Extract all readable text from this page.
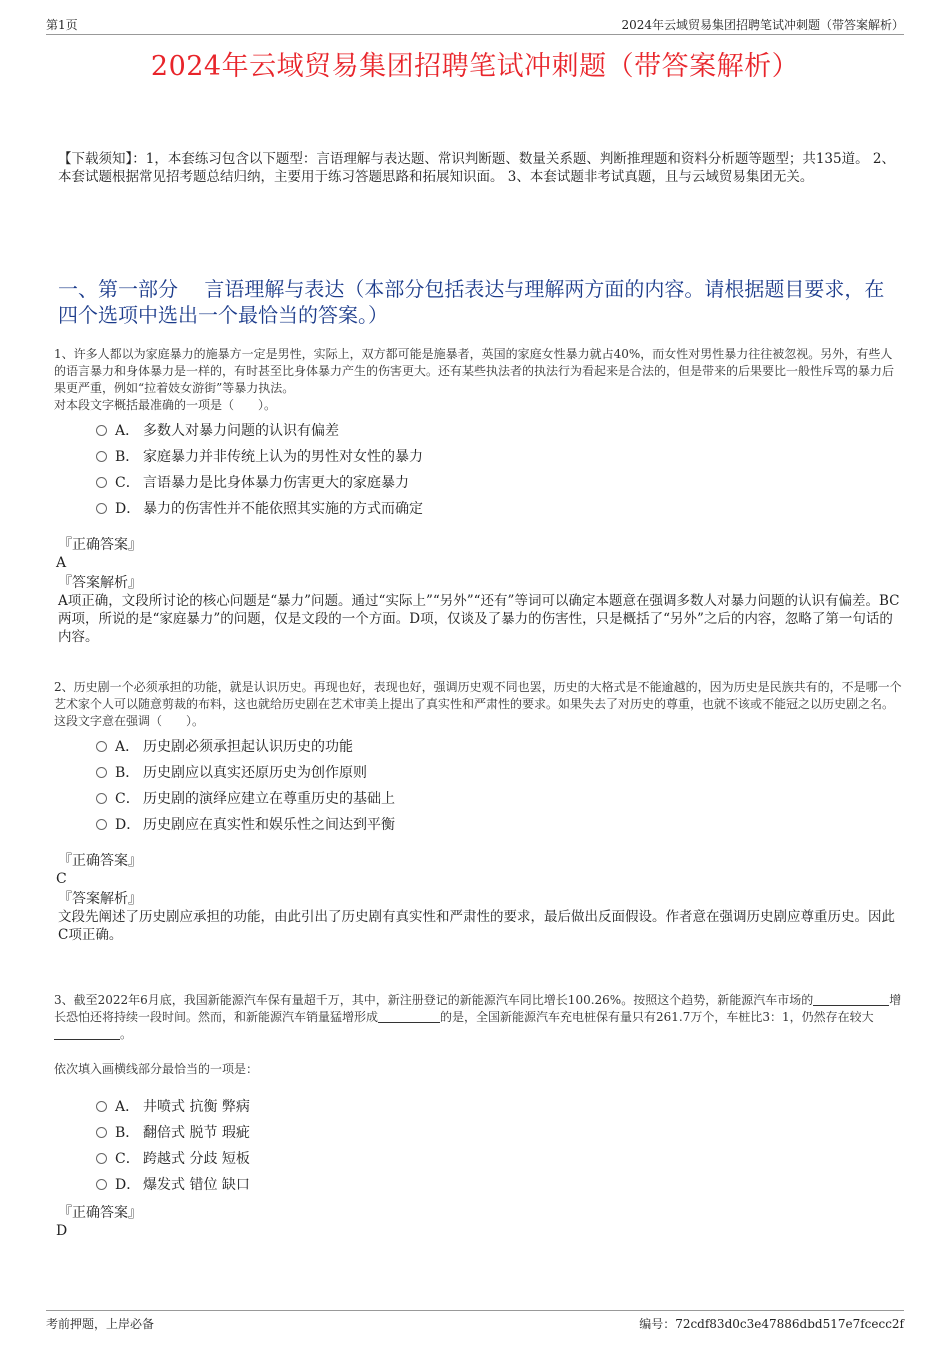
第1页	2024年云域贸易集团招聘笔试冲刺题（带答案解析）
2024年云域贸易集团招聘笔试冲刺题（带答案解析）
【下载须知】：1，本套练习包含以下题型：言语理解与表达题、常识判断题、数量关系题、判断推理题和资料分析题等题型；共135道。 2、本套试题根据常见招考题总结归纳，主要用于练习答题思路和拓展知识面。 3、本套试题非考试真题，且与云域贸易集团无关。
一、第一部分　 言语理解与表达（本部分包括表达与理解两方面的内容。请根据题目要求，在四个选项中选出一个最恰当的答案。）
1、许多人都以为家庭暴力的施暴方一定是男性，实际上，双方都可能是施暴者，英国的家庭女性暴力就占40%，而女性对男性暴力往往被忽视。另外，有些人的语言暴力和身体暴力是一样的，有时甚至比身体暴力产生的伤害更大。还有某些执法者的执法行为看起来是合法的，但是带来的后果要比一般性斥骂的暴力后果更严重，例如“拉着妓女游街”等暴力执法。
对本段文字概括最准确的一项是（　　）。
A． 多数人对暴力问题的认识有偏差
B． 家庭暴力并非传统上认为的男性对女性的暴力
C． 言语暴力是比身体暴力伤害更大的家庭暴力
D． 暴力的伤害性并不能依照其实施的方式而确定
『正确答案』
A
『答案解析』
A项正确，文段所讨论的核心问题是“暴力”问题。通过“实际上”“另外”“还有”等词可以确定本题意在强调多数人对暴力问题的认识有偏差。BC两项，所说的是“家庭暴力”的问题，仅是文段的一个方面。D项，仅谈及了暴力的伤害性，只是概括了“另外”之后的内容，忽略了第一句话的内容。
2、历史剧一个必须承担的功能，就是认识历史。再现也好，表现也好，强调历史观不同也罢，历史的大格式是不能逾越的，因为历史是民族共有的，不是哪一个艺术家个人可以随意剪裁的布料，这也就给历史剧在艺术审美上提出了真实性和严肃性的要求。如果失去了对历史的尊重，也就不该或不能冠之以历史剧之名。
这段文字意在强调（　　）。
A． 历史剧必须承担起认识历史的功能
B． 历史剧应以真实还原历史为创作原则
C． 历史剧的演绎应建立在尊重历史的基础上
D． 历史剧应在真实性和娱乐性之间达到平衡
『正确答案』
C
『答案解析』
文段先阐述了历史剧应承担的功能，由此引出了历史剧有真实性和严肃性的要求，最后做出反面假设。作者意在强调历史剧应尊重历史。因此C项正确。
3、截至2022年6月底，我国新能源汽车保有量超千万，其中，新注册登记的新能源汽车同比增长100.26%。按照这个趋势，新能源汽车市场的	增长恐怕还将持续一段时间。然而，和新能源汽车销量猛增形成	的是，全国新能源汽车充电桩保有量只有261.7万个，车桩比3：1，仍然存在较大。
依次填入画横线部分最恰当的一项是：
A． 井喷式 抗衡 弊病
B． 翻倍式 脱节 瑕疵
C． 跨越式 分歧 短板
D． 爆发式 错位 缺口
『正确答案』
D
考前押题，上岸必备	编号：72cdf83d0c3e47886dbd517e7fcecc2f
